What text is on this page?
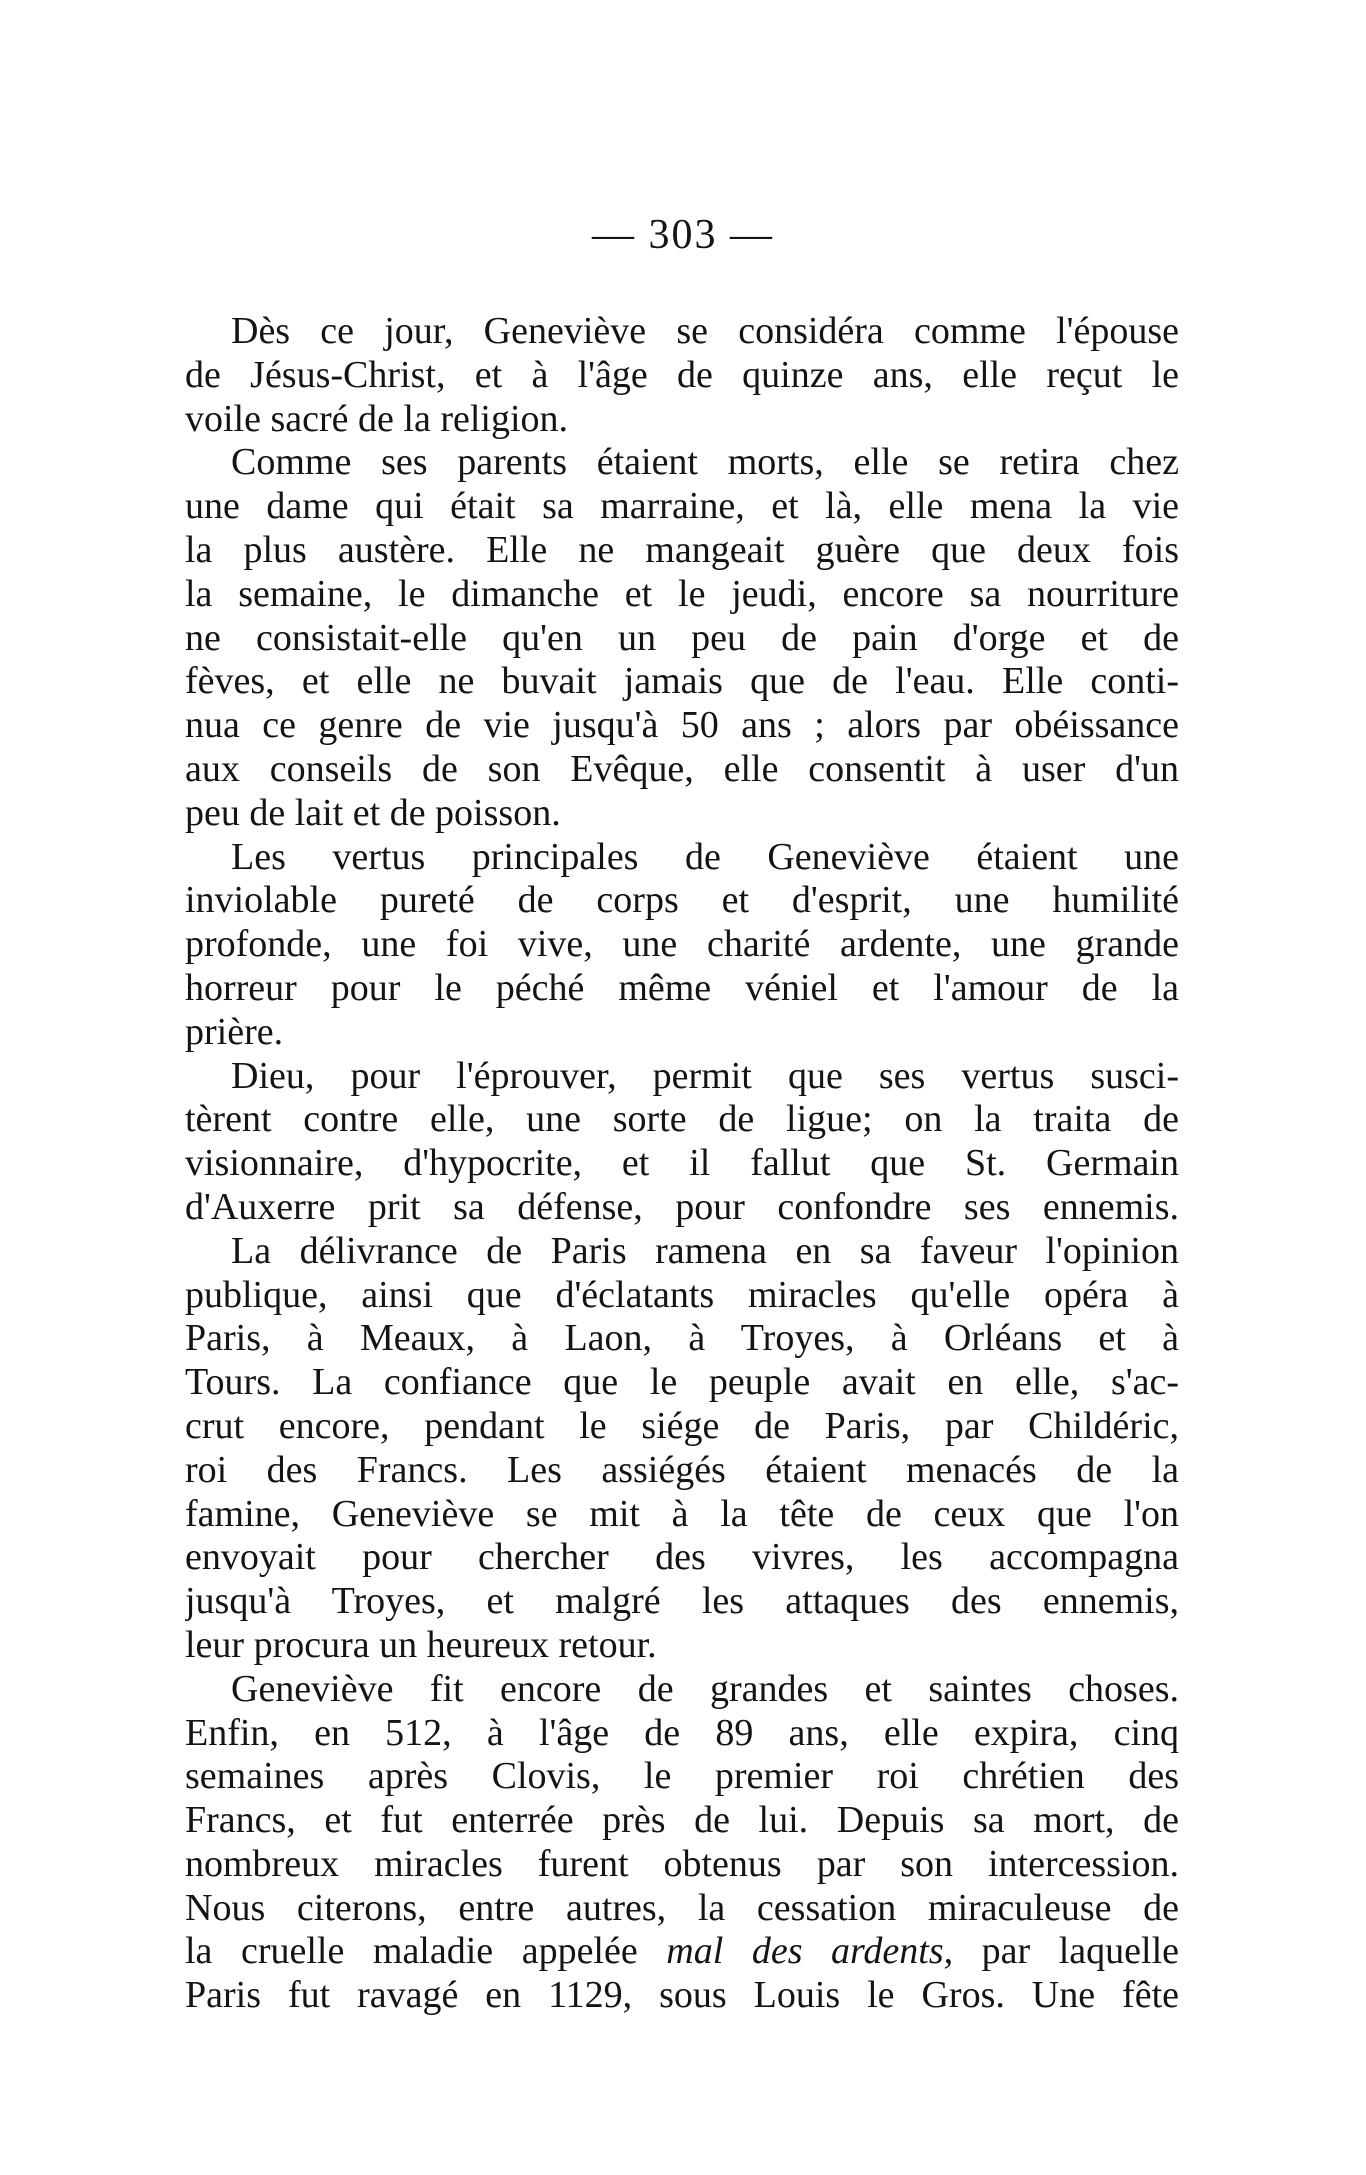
— 303 —
Dès ce jour, Geneviève se considéra comme l'épouse
de Jésus-Christ, et à l'âge de quinze ans, elle reçut le
voile sacré de la religion.
Comme ses parents étaient morts, elle se retira chez
une dame qui était sa marraine, et là, elle mena la vie
la plus austère. Elle ne mangeait guère que deux fois
la semaine, le dimanche et le jeudi, encore sa nourriture
ne consistait-elle qu'en un peu de pain d'orge et de
fèves, et elle ne buvait jamais que de l'eau. Elle conti-
nua ce genre de vie jusqu'à 50 ans ; alors par obéissance
aux conseils de son Evêque, elle consentit à user d'un
peu de lait et de poisson.
Les vertus principales de Geneviève étaient une
inviolable pureté de corps et d'esprit, une humilité
profonde, une foi vive, une charité ardente, une grande
horreur pour le péché même véniel et l'amour de la
prière.
Dieu, pour l'éprouver, permit que ses vertus susci-
tèrent contre elle, une sorte de ligue; on la traita de
visionnaire, d'hypocrite, et il fallut que St. Germain
d'Auxerre prit sa défense, pour confondre ses ennemis.
La délivrance de Paris ramena en sa faveur l'opinion
publique, ainsi que d'éclatants miracles qu'elle opéra à
Paris, à Meaux, à Laon, à Troyes, à Orléans et à
Tours. La confiance que le peuple avait en elle, s'ac-
crut encore, pendant le siége de Paris, par Childéric,
roi des Francs. Les assiégés étaient menacés de la
famine, Geneviève se mit à la tête de ceux que l'on
envoyait pour chercher des vivres, les accompagna
jusqu'à Troyes, et malgré les attaques des ennemis,
leur procura un heureux retour.
Geneviève fit encore de grandes et saintes choses.
Enfin, en 512, à l'âge de 89 ans, elle expira, cinq
semaines après Clovis, le premier roi chrétien des
Francs, et fut enterrée près de lui. Depuis sa mort, de
nombreux miracles furent obtenus par son intercession.
Nous citerons, entre autres, la cessation miraculeuse de
la cruelle maladie appelée mal des ardents, par laquelle
Paris fut ravagé en 1129, sous Louis le Gros. Une fête
